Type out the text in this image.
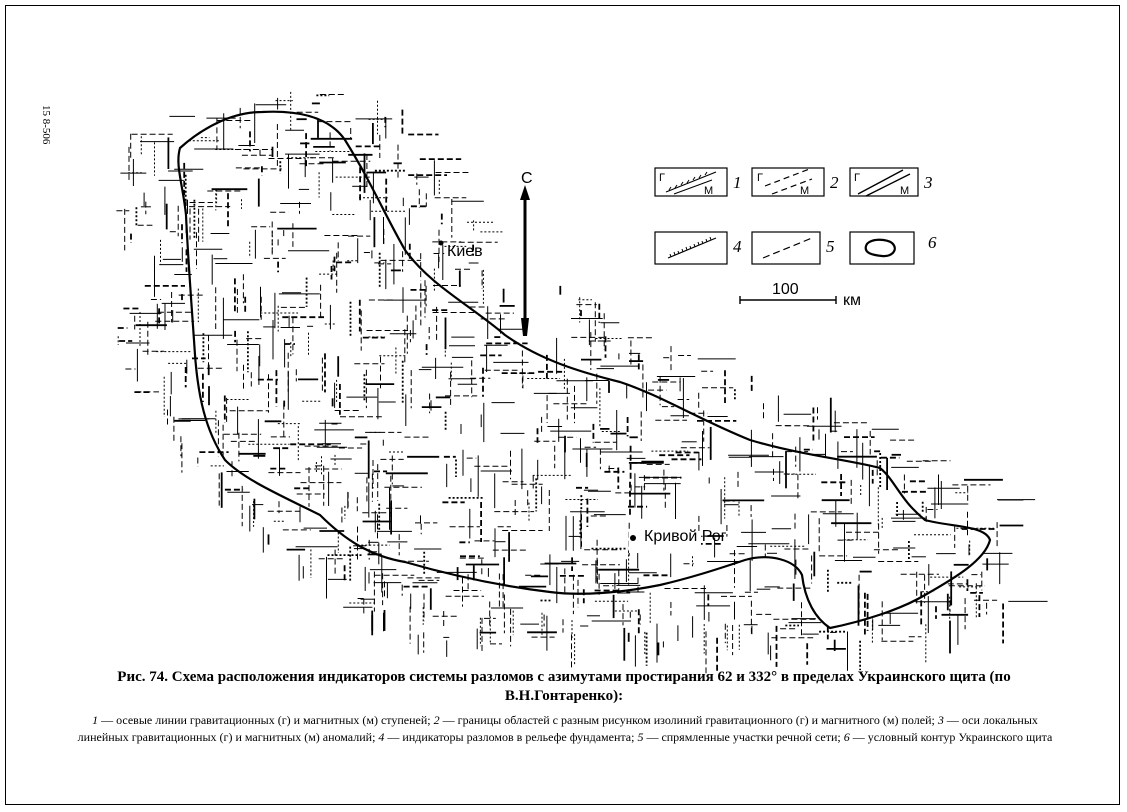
15 8-506
С
Киев
Кривой Рог
Г
М 1 Г
М 2 Г
М 3
4	5	6
100
км
Рис. 74. Схема расположения индикаторов системы разломов с азимутами простирания 62 и 332° в пределах Украинского щита (по В.Н.Гонтаренко):
1 — осевые линии гравитационных (г) и магнитных (м) ступеней; 2 — границы областей с разным рисунком изолиний гравитационного (г) и магнитного (м) полей; 3 — оси локальных линейных гравитационных (г) и магнитных (м) аномалий; 4 — индикаторы разломов в рельефе фундамента; 5 — спрямленные участки речной сети; 6 — условный контур Украинского щита
